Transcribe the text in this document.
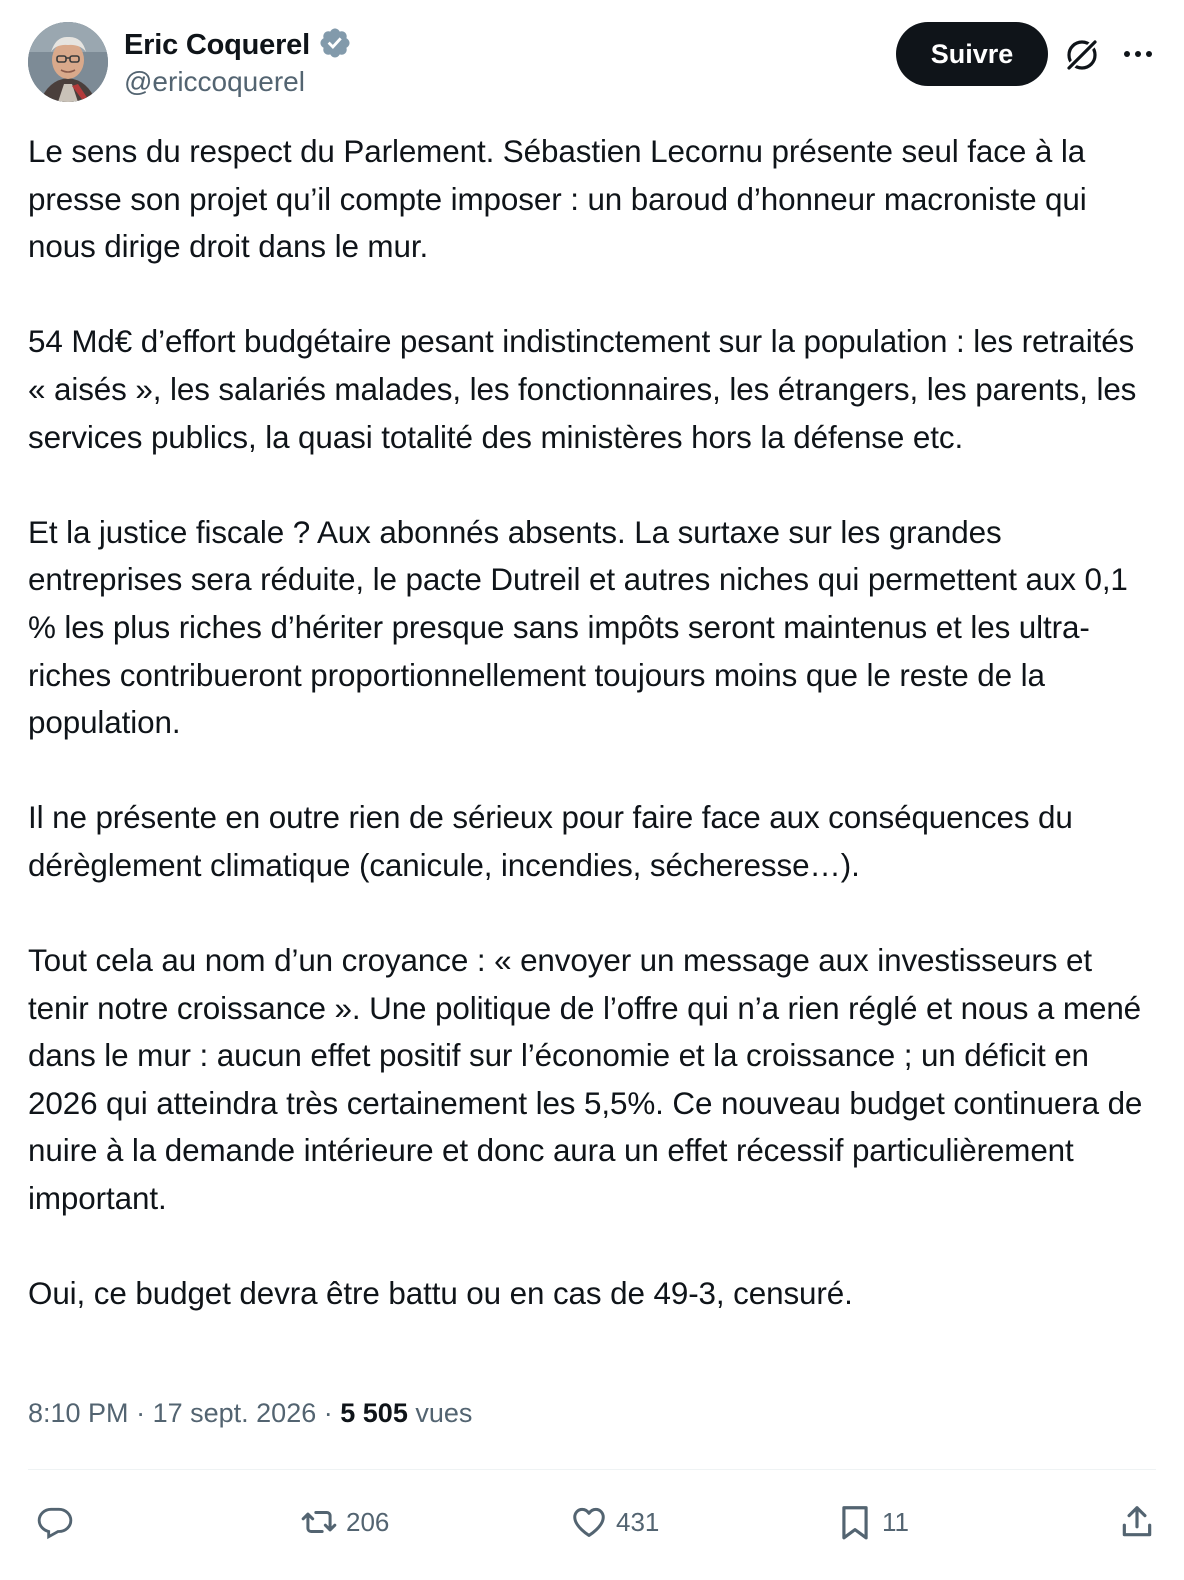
Eric Coquerel
@ericcoquerel
Suivre

Le sens du respect du Parlement. Sébastien Lecornu présente seul face à la presse son projet qu’il compte imposer : un baroud d’honneur macroniste qui nous dirige droit dans le mur.

54 Md€ d’effort budgétaire pesant indistinctement sur la population : les retraités « aisés », les salariés malades, les fonctionnaires, les étrangers, les parents, les services publics, la quasi totalité des ministères hors la défense etc.

Et la justice fiscale ? Aux abonnés absents. La surtaxe sur les grandes entreprises sera réduite, le pacte Dutreil et autres niches qui permettent aux 0,1 % les plus riches d’hériter presque sans impôts seront maintenus et les ultra-riches contribueront proportionnellement toujours moins que le reste de la population.

Il ne présente en outre rien de sérieux pour faire face aux conséquences du dérèglement climatique (canicule, incendies, sécheresse…).

Tout cela au nom d’un croyance : « envoyer un message aux investisseurs et tenir notre croissance ». Une politique de l’offre qui n’a rien réglé et nous a mené dans le mur : aucun effet positif sur l’économie et la croissance ; un déficit en 2026 qui atteindra très certainement les 5,5%. Ce nouveau budget continuera de nuire à la demande intérieure et donc aura un effet récessif particulièrement important.

Oui, ce budget devra être battu ou en cas de 49-3, censuré.

8:10 PM · 17 sept. 2026 · 5 505 vues
206	431	11
